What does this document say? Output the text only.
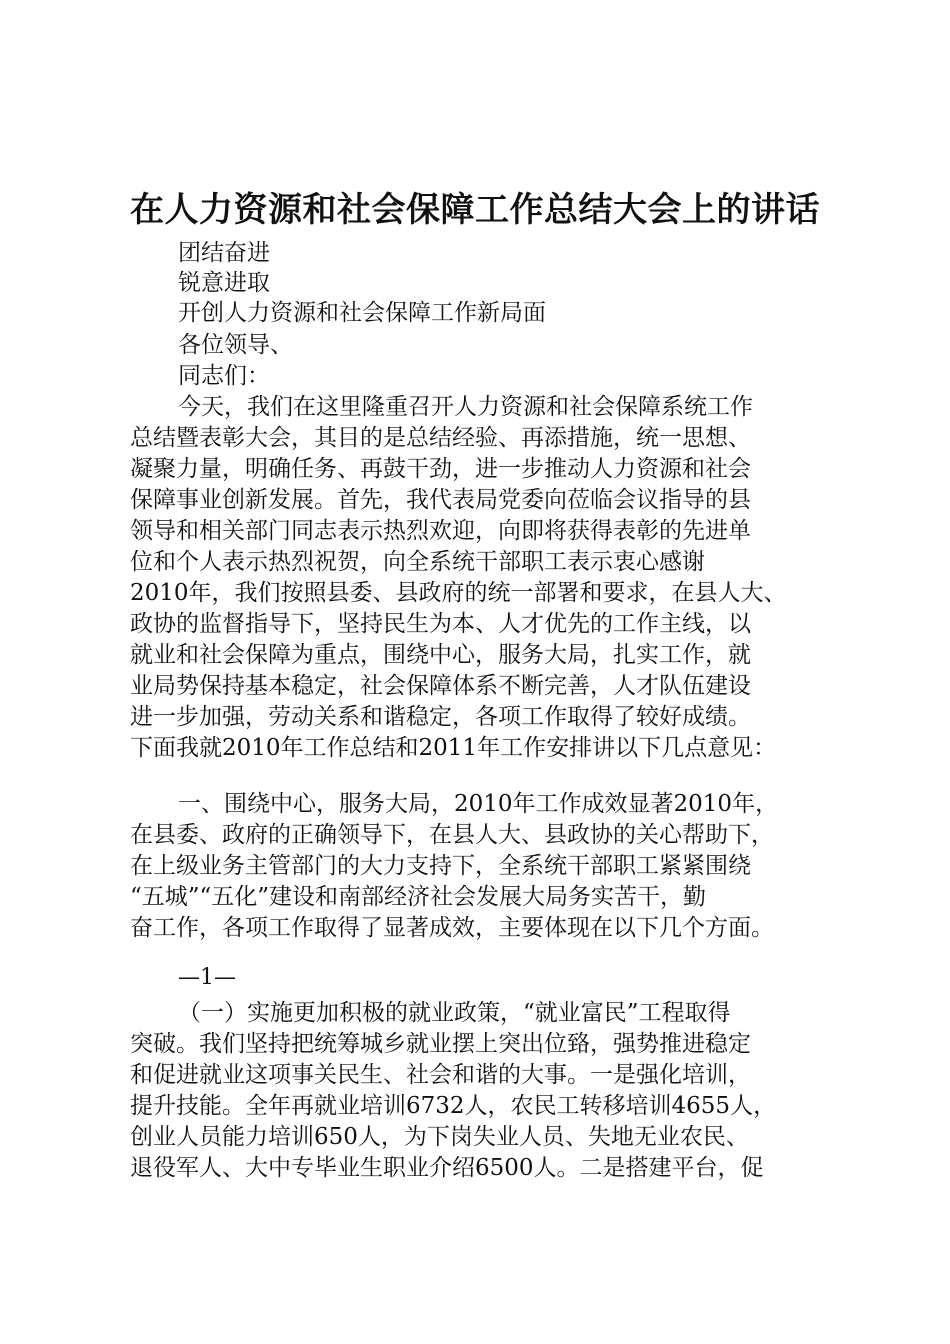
在人力资源和社会保障工作总结大会上的讲话
团结奋进
锐意进取
开创人力资源和社会保障工作新局面
各位领导、
同志们：
今天，我们在这里隆重召开人力资源和社会保障系统工作
总结暨表彰大会，其目的是总结经验、再添措施，统一思想、
凝聚力量，明确任务、再鼓干劲，进一步推动人力资源和社会
保障事业创新发展。首先，我代表局党委向莅临会议指导的县
领导和相关部门同志表示热烈欢迎，向即将获得表彰的先进单
位和个人表示热烈祝贺，向全系统干部职工表示衷心感谢
2010年，我们按照县委、县政府的统一部署和要求，在县人大、
政协的监督指导下，坚持民生为本、人才优先的工作主线，以
就业和社会保障为重点，围绕中心，服务大局，扎实工作，就
业局势保持基本稳定，社会保障体系不断完善，人才队伍建设
进一步加强，劳动关系和谐稳定，各项工作取得了较好成绩。
下面我就2010年工作总结和2011年工作安排讲以下几点意见：
一、围绕中心，服务大局，2010年工作成效显著2010年，
在县委、政府的正确领导下，在县人大、县政协的关心帮助下，
在上级业务主管部门的大力支持下，全系统干部职工紧紧围绕
“五城”“五化”建设和南部经济社会发展大局务实苦干，勤
奋工作，各项工作取得了显著成效，主要体现在以下几个方面。
—1—
（一）实施更加积极的就业政策，“就业富民”工程取得
突破。我们坚持把统筹城乡就业摆上突出位臵，强势推进稳定
和促进就业这项事关民生、社会和谐的大事。一是强化培训，
提升技能。全年再就业培训6732人，农民工转移培训4655人，
创业人员能力培训650人，为下岗失业人员、失地无业农民、
退役军人、大中专毕业生职业介绍6500人。二是搭建平台，促
